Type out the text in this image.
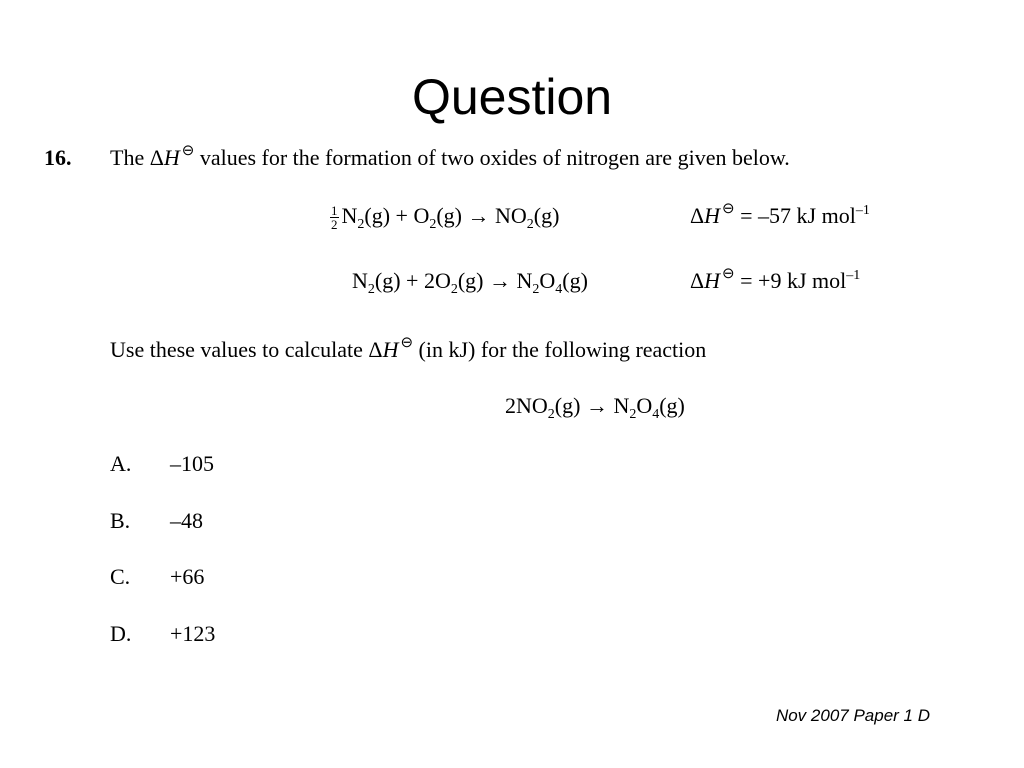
Question
16. The ΔH ⊖ values for the formation of two oxides of nitrogen are given below.
$\frac{1}{2} N_2(g) + O_2(g) \to NO_2(g)$	ΔH ⊖ = –57 kJ mol$^{-1}$
$N_2(g) + 2O_2(g) \to N_2O_4(g)$	ΔH ⊖ = +9 kJ mol$^{-1}$
Use these values to calculate ΔH ⊖ (in kJ) for the following reaction
$2NO_2(g) \to N_2O_4(g)$
A. –105
B. –48
C. +66
D. +123
Nov 2007 Paper 1 D
